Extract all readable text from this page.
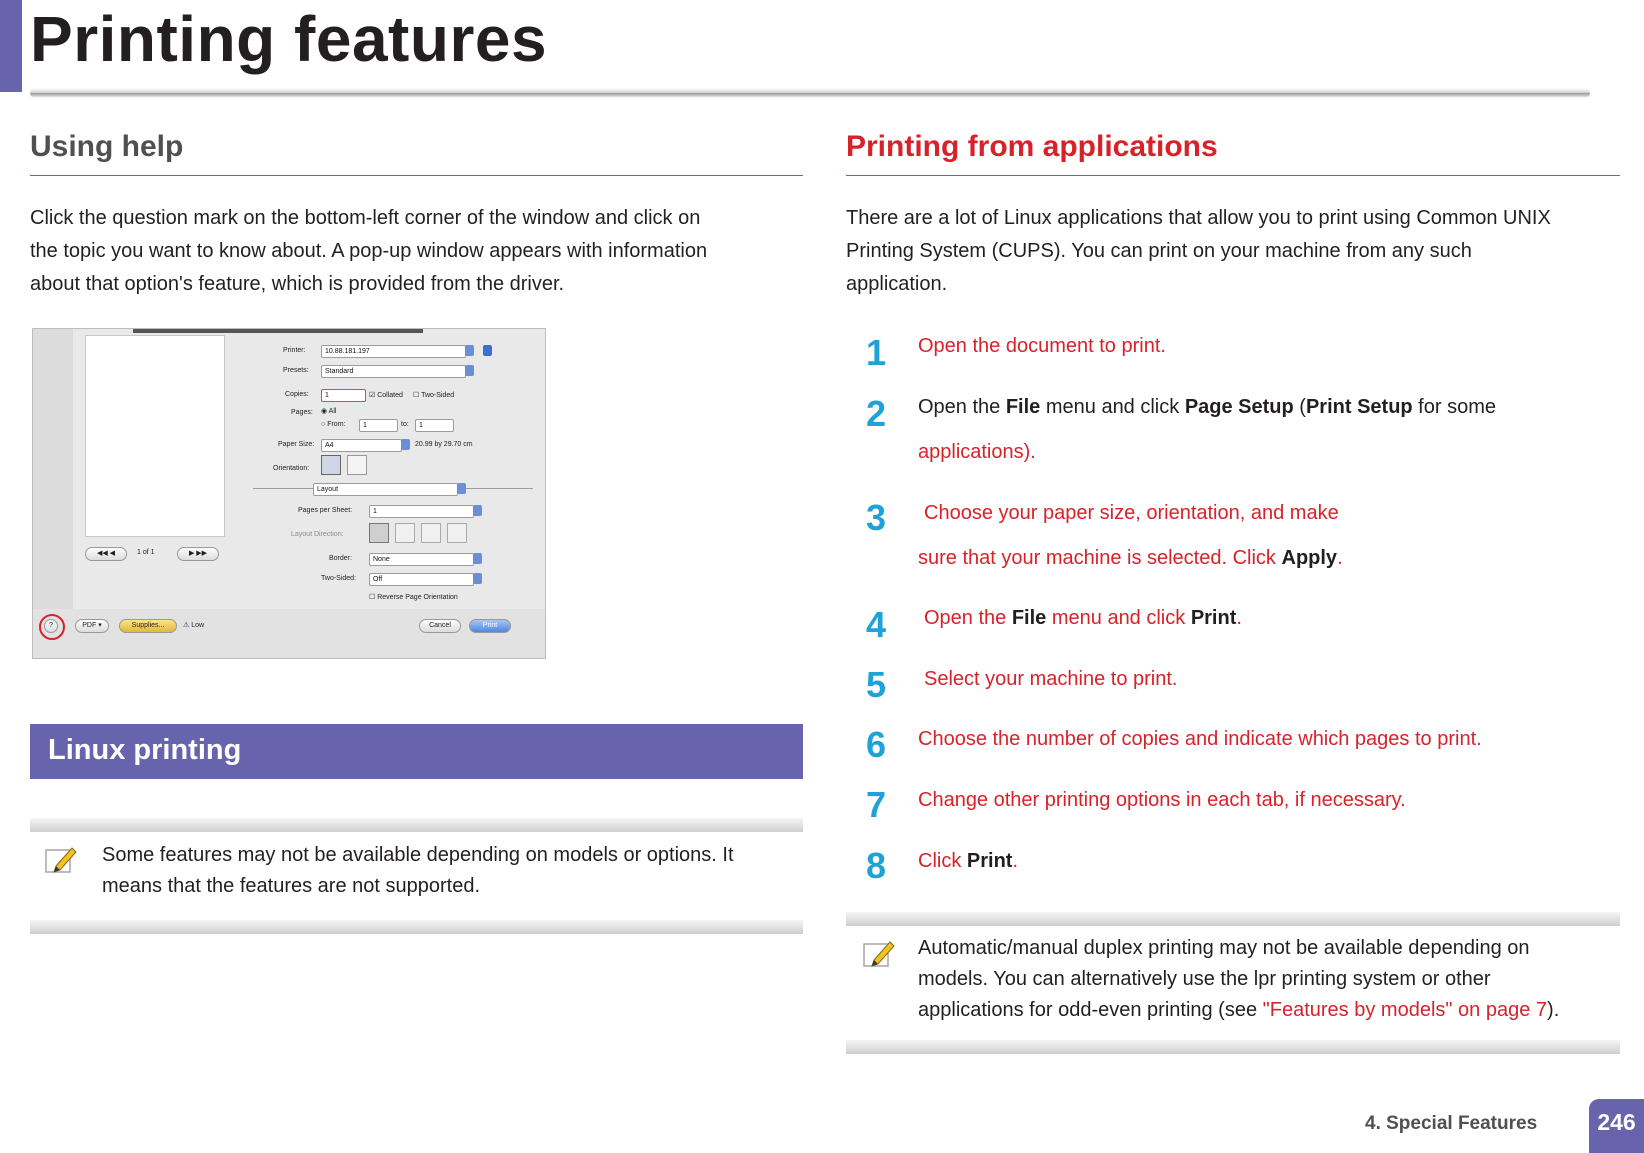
Printing features
Using help
Click the question mark on the bottom-left corner of the window and click on
the topic you want to know about. A pop-up window appears with information
about that option's feature, which is provided from the driver.
Printer:	10.88.181.197
Presets:	Standard
Copies:	1	☑ Collated ☐ Two-Sided
Pages: ◉ All
○ From:	1	to:	1
Paper Size:	A4	20.99 by 29.70 cm
Orientation:
Layout
Pages per Sheet:	1
Layout Direction:
Border:	None
Two-Sided:	Off
☐ Reverse Page Orientation
◀◀ ◀	1 of 1	▶ ▶▶
?	PDF ▾	Supplies...	⚠ Low	Cancel	Print
Linux printing
Some features may not be available depending on models or options. It
means that the features are not supported.
Printing from applications
There are a lot of Linux applications that allow you to print using Common UNIX
Printing System (CUPS). You can print on your machine from any such
application.
1	Open the document to print.
2	Open the File menu and click Page Setup (Print Setup for some
applications).
3	Choose your paper size, orientation, and make
sure that your machine is selected. Click Apply.
4	Open the File menu and click Print.
5	Select your machine to print.
6	Choose the number of copies and indicate which pages to print.
7	Change other printing options in each tab, if necessary.
8	Click Print.
Automatic/manual duplex printing may not be available depending on
models. You can alternatively use the lpr printing system or other
applications for odd-even printing (see "Features by models" on page 7).
4. Special Features	246
